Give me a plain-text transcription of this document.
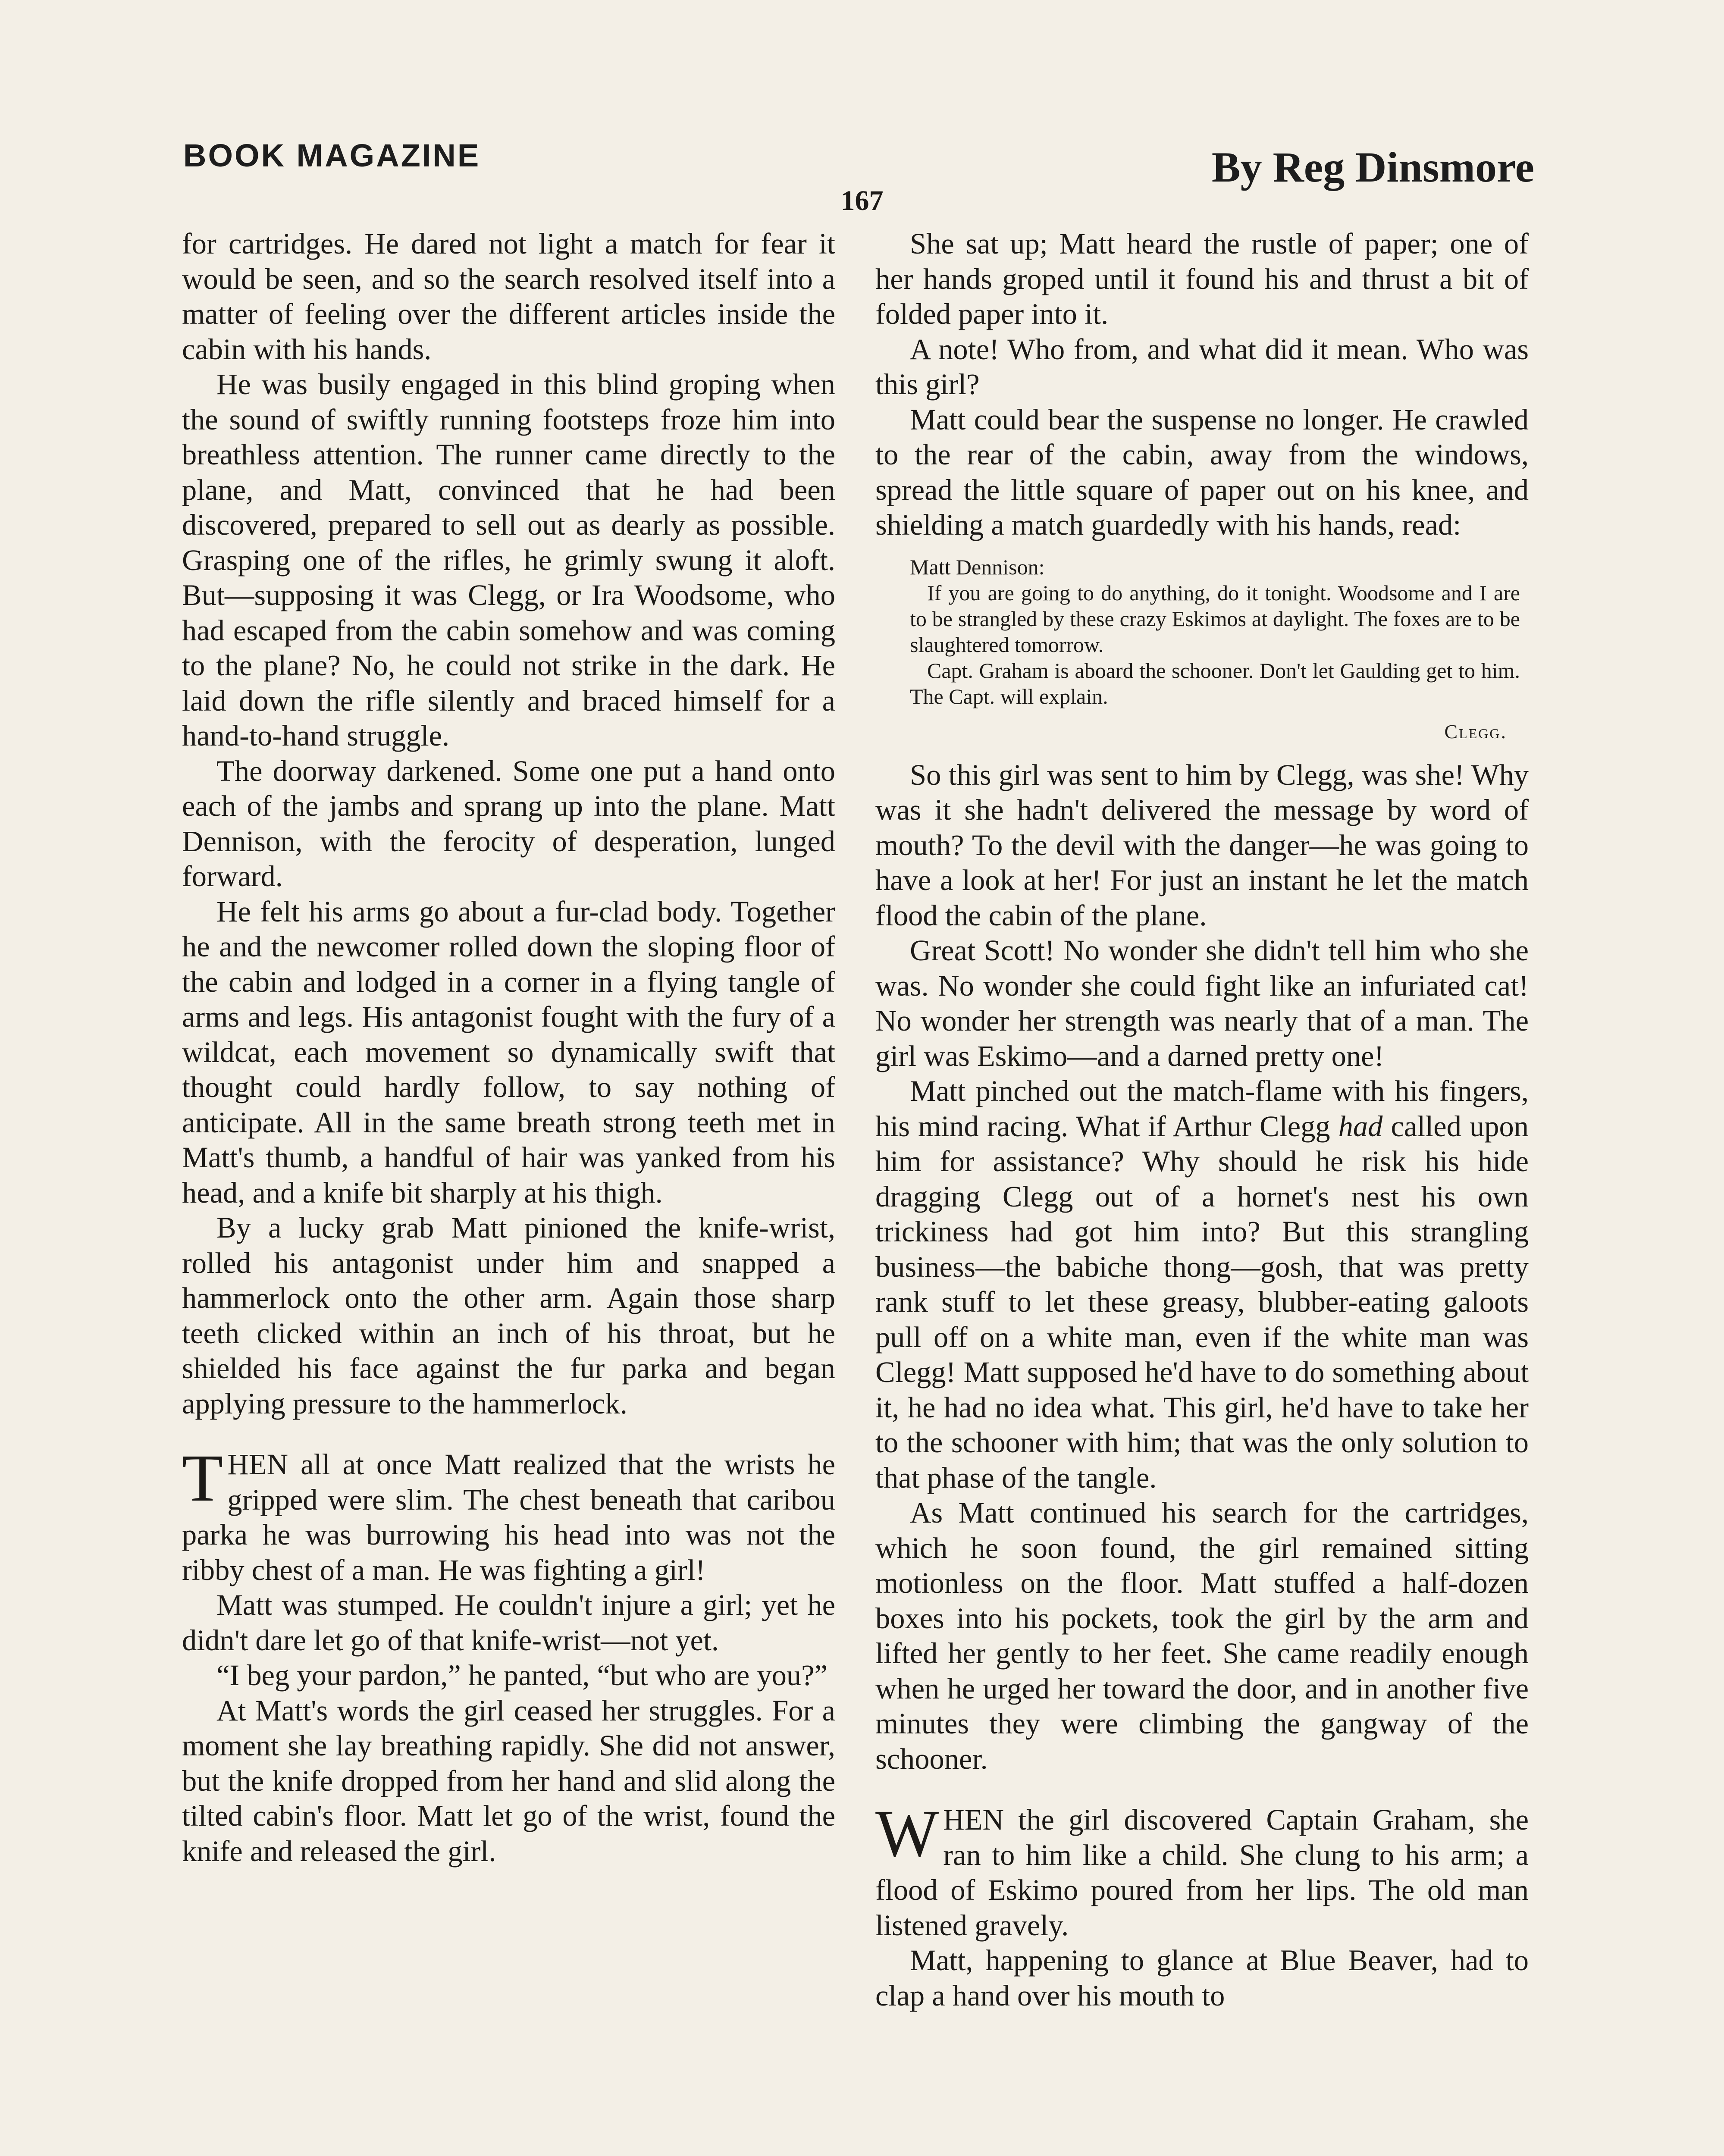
BOOK MAGAZINE	By Reg Dinsmore
167

for cartridges. He dared not light a match for fear it would be seen, and so the search resolved itself into a matter of feeling over the different articles inside the cabin with his hands.

He was busily engaged in this blind groping when the sound of swiftly running footsteps froze him into breathless attention. The runner came directly to the plane, and Matt, convinced that he had been discovered, prepared to sell out as dearly as possible. Grasping one of the rifles, he grimly swung it aloft. But—supposing it was Clegg, or Ira Woodsome, who had escaped from the cabin somehow and was coming to the plane? No, he could not strike in the dark. He laid down the rifle silently and braced himself for a hand-to-hand struggle.

The doorway darkened. Some one put a hand onto each of the jambs and sprang up into the plane. Matt Dennison, with the ferocity of desperation, lunged forward.

He felt his arms go about a fur-clad body. Together he and the newcomer rolled down the sloping floor of the cabin and lodged in a corner in a flying tangle of arms and legs. His antagonist fought with the fury of a wildcat, each movement so dynamically swift that thought could hardly follow, to say nothing of anticipate. All in the same breath strong teeth met in Matt's thumb, a handful of hair was yanked from his head, and a knife bit sharply at his thigh.

By a lucky grab Matt pinioned the knife-wrist, rolled his antagonist under him and snapped a hammerlock onto the other arm. Again those sharp teeth clicked within an inch of his throat, but he shielded his face against the fur parka and began applying pressure to the hammerlock.

THEN all at once Matt realized that the wrists he gripped were slim. The chest beneath that caribou parka he was burrowing his head into was not the ribby chest of a man. He was fighting a girl!

Matt was stumped. He couldn't injure a girl; yet he didn't dare let go of that knife-wrist—not yet.

“I beg your pardon,” he panted, “but who are you?”

At Matt's words the girl ceased her struggles. For a moment she lay breathing rapidly. She did not answer, but the knife dropped from her hand and slid along the tilted cabin's floor. Matt let go of the wrist, found the knife and released the girl.

She sat up; Matt heard the rustle of paper; one of her hands groped until it found his and thrust a bit of folded paper into it.

A note! Who from, and what did it mean. Who was this girl?

Matt could bear the suspense no longer. He crawled to the rear of the cabin, away from the windows, spread the little square of paper out on his knee, and shielding a match guardedly with his hands, read:

Matt Dennison:

If you are going to do anything, do it tonight. Woodsome and I are to be strangled by these crazy Eskimos at daylight. The foxes are to be slaughtered tomorrow.

Capt. Graham is aboard the schooner. Don't let Gaulding get to him. The Capt. will explain.

Clegg.

So this girl was sent to him by Clegg, was she! Why was it she hadn't delivered the message by word of mouth? To the devil with the danger—he was going to have a look at her! For just an instant he let the match flood the cabin of the plane.

Great Scott! No wonder she didn't tell him who she was. No wonder she could fight like an infuriated cat! No wonder her strength was nearly that of a man. The girl was Eskimo—and a darned pretty one!

Matt pinched out the match-flame with his fingers, his mind racing. What if Arthur Clegg had called upon him for assistance? Why should he risk his hide dragging Clegg out of a hornet's nest his own trickiness had got him into? But this strangling business—the babiche thong—gosh, that was pretty rank stuff to let these greasy, blubber-eating galoots pull off on a white man, even if the white man was Clegg! Matt supposed he'd have to do something about it, he had no idea what. This girl, he'd have to take her to the schooner with him; that was the only solution to that phase of the tangle.

As Matt continued his search for the cartridges, which he soon found, the girl remained sitting motionless on the floor. Matt stuffed a half-dozen boxes into his pockets, took the girl by the arm and lifted her gently to her feet. She came readily enough when he urged her toward the door, and in another five minutes they were climbing the gangway of the schooner.

WHEN the girl discovered Captain Graham, she ran to him like a child. She clung to his arm; a flood of Eskimo poured from her lips. The old man listened gravely.

Matt, happening to glance at Blue Beaver, had to clap a hand over his mouth to
